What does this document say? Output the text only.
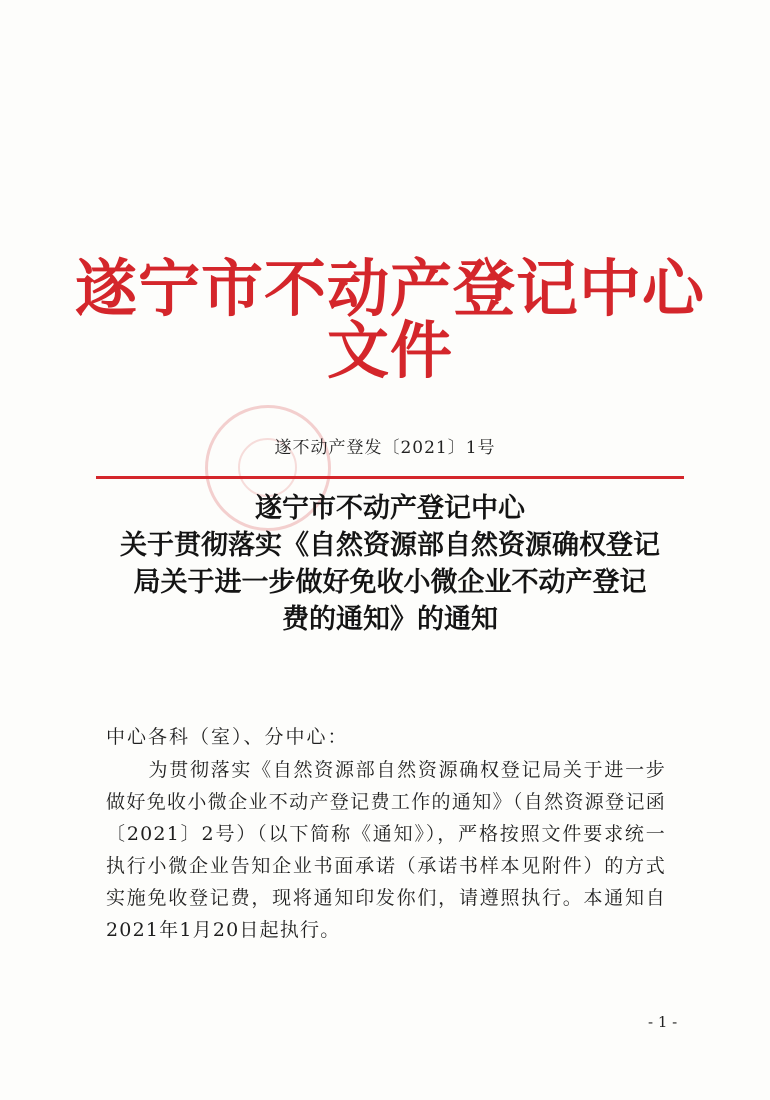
遂宁市不动产登记中心文件
遂不动产登发〔2021〕1号
遂宁市不动产登记中心
关于贯彻落实《自然资源部自然资源确权登记
局关于进一步做好免收小微企业不动产登记
费的通知》的通知
中心各科（室）、分中心：
为贯彻落实《自然资源部自然资源确权登记局关于进一步做好免收小微企业不动产登记费工作的通知》（自然资源登记函〔2021〕2号）（以下简称《通知》），严格按照文件要求统一执行小微企业告知企业书面承诺（承诺书样本见附件）的方式实施免收登记费，现将通知印发你们，请遵照执行。本通知自2021年1月20日起执行。
- 1 -
